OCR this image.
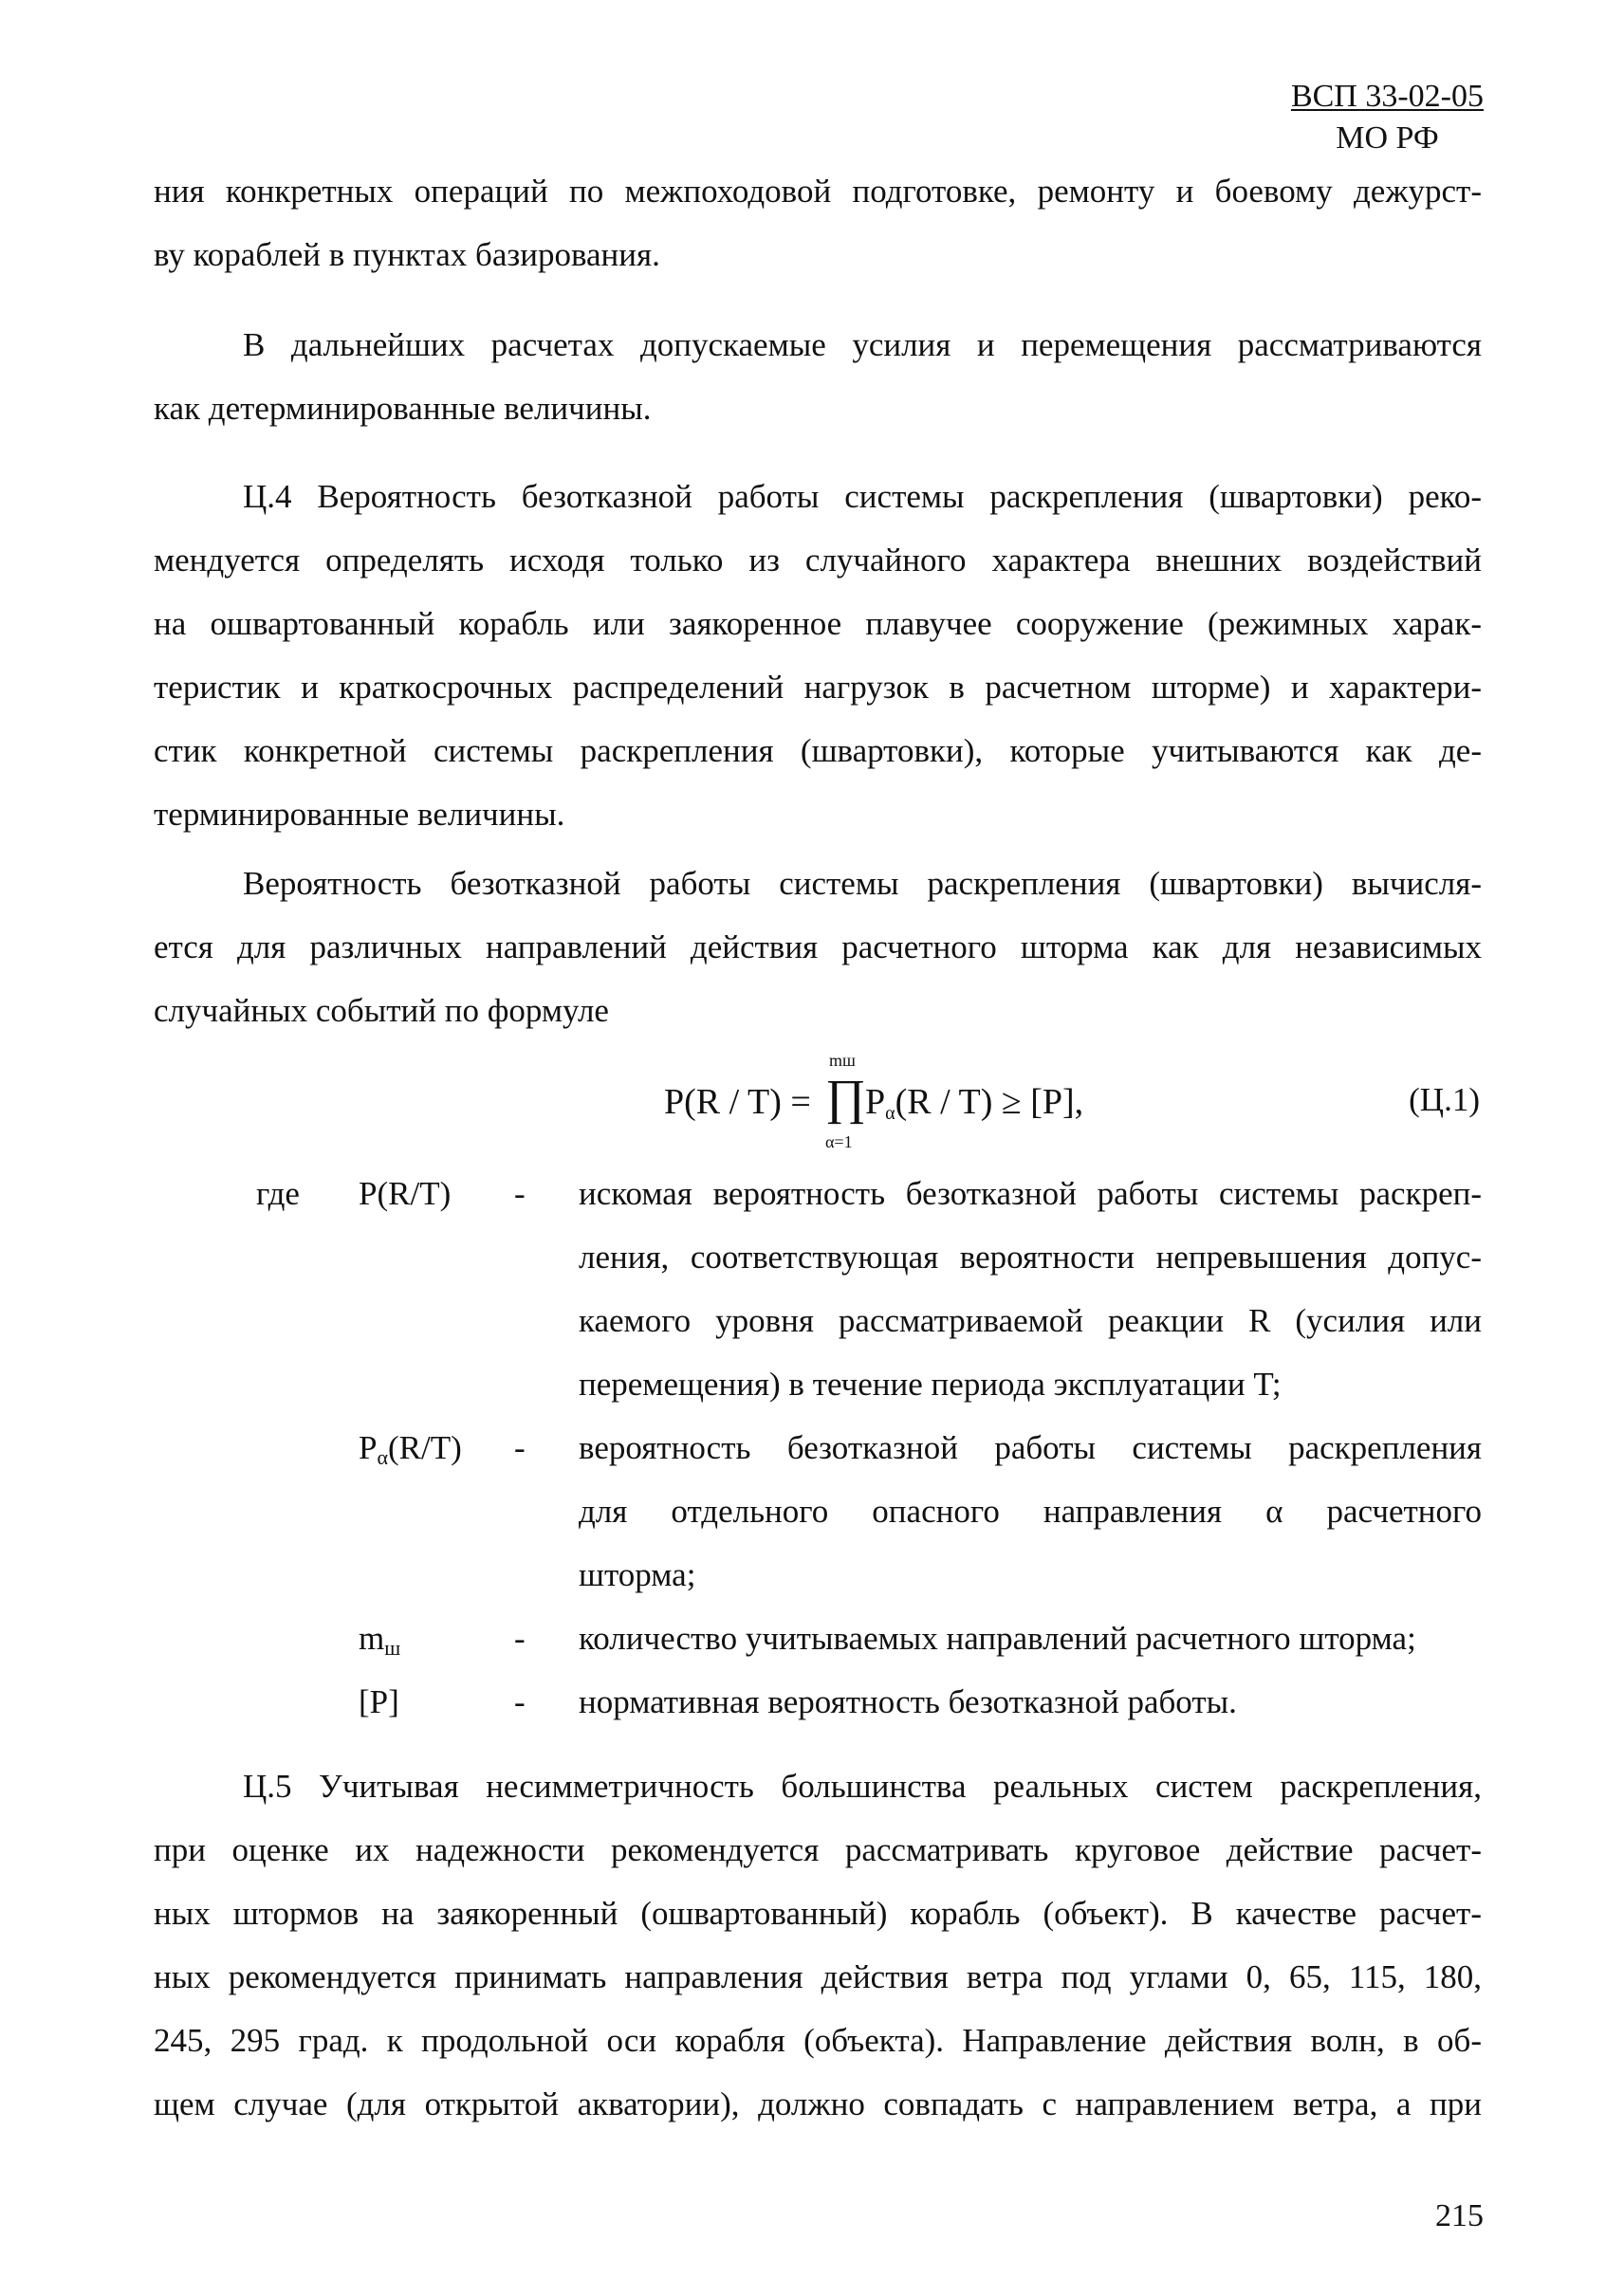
ВСП 33-02-05
МО РФ
ния конкретных операций по межпоходовой подготовке, ремонту и боевому дежурст-
ву кораблей в пунктах базирования.
В дальнейших расчетах допускаемые усилия и перемещения рассматриваются
как детерминированные величины.
Ц.4 Вероятность безотказной работы системы раскрепления (швартовки) реко-
мендуется определять исходя только из случайного характера внешних воздействий
на ошвартованный корабль или заякоренное плавучее сооружение (режимных харак-
теристик и краткосрочных распределений нагрузок в расчетном шторме) и характери-
стик конкретной системы раскрепления (швартовки), которые учитываются как де-
терминированные величины.
Вероятность безотказной работы системы раскрепления (швартовки) вычисля-
ется для различных направлений действия расчетного шторма как для независимых
случайных событий по формуле
P(R / T) =
mш
∏
α=1
$P_\alpha(R / T) \ge [P]$,	(Ц.1)
где P(R/T) - искомая вероятность безотказной работы системы раскреп-
ления, соответствующая вероятности непревышения допус-
каемого уровня рассматриваемой реакции R (усилия или
перемещения) в течение периода эксплуатации T;
Pα(R/T) - вероятность безотказной работы системы раскрепления
для отдельного опасного направления α расчетного
шторма;
mш	- количество учитываемых направлений расчетного шторма;
[P]	- нормативная вероятность безотказной работы.
Ц.5 Учитывая несимметричность большинства реальных систем раскрепления,
при оценке их надежности рекомендуется рассматривать круговое действие расчет-
ных штормов на заякоренный (ошвартованный) корабль (объект). В качестве расчет-
ных рекомендуется принимать направления действия ветра под углами 0, 65, 115, 180,
245, 295 град. к продольной оси корабля (объекта). Направление действия волн, в об-
щем случае (для открытой акватории), должно совпадать с направлением ветра, а при
215
